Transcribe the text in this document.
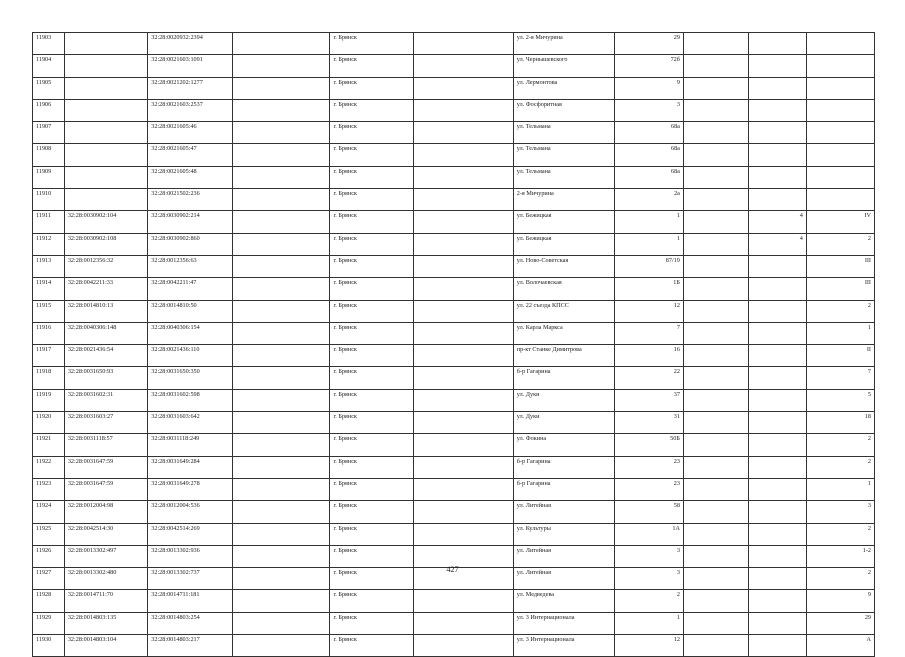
11903		32:28:0020932:2394		г. Брянск		ул. 2-я Мичурина	29			
11904		32:28:0021603:1091		г. Брянск		ул. Чернышевского	72б			
11905		32:28:0021202:1277		г. Брянск		ул. Лермонтова	9			
11906		32:28:0021603:2537		г. Брянск		ул. Фосфоритная	3			
11907		32:28:0021605:46		г. Брянск		ул. Тельмана	68а			
11908		32:28:0021605:47		г. Брянск		ул. Тельмана	68а			
11909		32:28:0021605:48		г. Брянск		ул. Тельмана	68а			
11910		32:28:0021502:236		г. Брянск		2-я Мичурина	2а			
11911	32:28:0030902:104	32:28:0030902:214		г. Брянск		ул. Бежицкая	1		4	IV
11912	32:28:0030902:108	32:28:0030902:860		г. Брянск		ул. Бежицкая	1		4	2
11913	32:28:0012356:32	32:28:0012356:63		г. Брянск		ул. Ново-Советская	87/19			III
11914	32:28:0042211:33	32:28:0042211:47		г. Брянск		ул. Волочаевская	1Б			III
11915	32:28:0014810:13	32:28:0014810:50		г. Брянск		ул. 22 съезда КПСС	12			2
11916	32:28:0040306:148	32:28:0040306:154		г. Брянск		ул. Карла Маркса	7			1
11917	32:28:0021436:54	32:28:0021436:110		г. Брянск		пр-кт Станке Димитрова	16			II
11918	32:28:0031650:93	32:28:0031650:350		г. Брянск		б-р Гагарина	22			7
11919	32:28:0031602:31	32:28:0031602:598		г. Брянск		ул. Дуки	37			5
11920	32:28:0031603:27	32:28:0031603:642		г. Брянск		ул. Дуки	31			18
11921	32:28:0031118:57	32:28:0031118:249		г. Брянск		ул. Фокина	50Б			2
11922	32:28:0031647:59	32:28:0031649:284		г. Брянск		б-р Гагарина	23			2
11923	32:28:0031647:59	32:28:0031649:278		г. Брянск		б-р Гагарина	23			1
11924	32:28:0012004:98	32:28:0012004:536		г. Брянск		ул. Литейная	58			3
11925	32:28:0042514:30	32:28:0042514:269		г. Брянск		ул. Культуры	1А			2
11926	32:28:0013302:497	32:28:0013302:936		г. Брянск		ул. Литейная	3			1-2
11927	32:28:0013302:480	32:28:0013302:737		г. Брянск		ул. Литейная	3			2
11928	32:28:0014711:70	32:28:0014711:181		г. Брянск		ул. Медведева	2			9
11929	32:28:0014803:135	32:28:0014803:254		г. Брянск		ул. 3 Интернационала	1			29
11930	32:28:0014803:104	32:28:0014803:217		г. Брянск		ул. 3 Интернационала	12			А
427
